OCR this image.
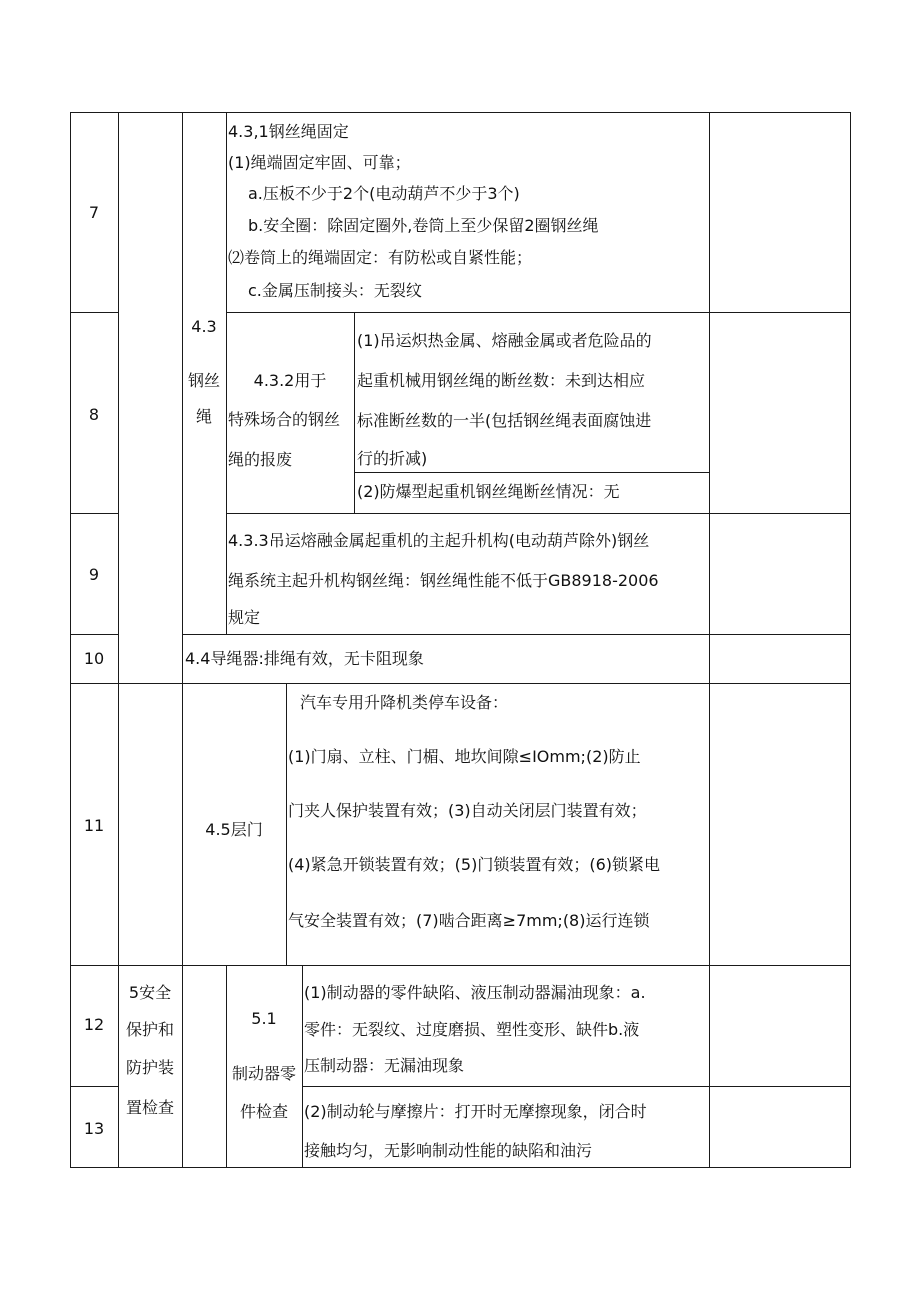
7
4.3,1钢丝绳固定
(1)绳端固定牢固、可靠；
a.压板不少于2个(电动葫芦不少于3个)
b.安全圈：除固定圈外,卷筒上至少保留2圈钢丝绳
⑵卷筒上的绳端固定：有防松或自紧性能；
c.金属压制接头：无裂纹
4.3
钢丝
绳
8
4.3.2用于
特殊场合的钢丝
绳的报废
(1)吊运炽热金属、熔融金属或者危险品的
起重机械用钢丝绳的断丝数：未到达相应
标准断丝数的一半(包括钢丝绳表面腐蚀进
行的折减)
(2)防爆型起重机钢丝绳断丝情况：无
9
4.3.3吊运熔融金属起重机的主起升机构(电动葫芦除外)钢丝
绳系统主起升机构钢丝绳：钢丝绳性能不低于GB8918-2006
规定
10	4.4导绳器:排绳有效，无卡阻现象
11	4.5层门
汽车专用升降机类停车设备：
(1)门扇、立柱、门楣、地坎间隙≤IOmm;(2)防止
门夹人保护装置有效；(3)自动关闭层门装置有效；
(4)紧急开锁装置有效；(5)门锁装置有效；(6)锁紧电
气安全装置有效；(7)啮合距离≥7mm;(8)运行连锁
12
5安全
保护和
防护装
置检查
5.1
制动器零
件检查
(1)制动器的零件缺陷、液压制动器漏油现象：a.
零件：无裂纹、过度磨损、塑性变形、缺件b.液
压制动器：无漏油现象
13
(2)制动轮与摩擦片：打开时无摩擦现象，闭合时
接触均匀，无影响制动性能的缺陷和油污
